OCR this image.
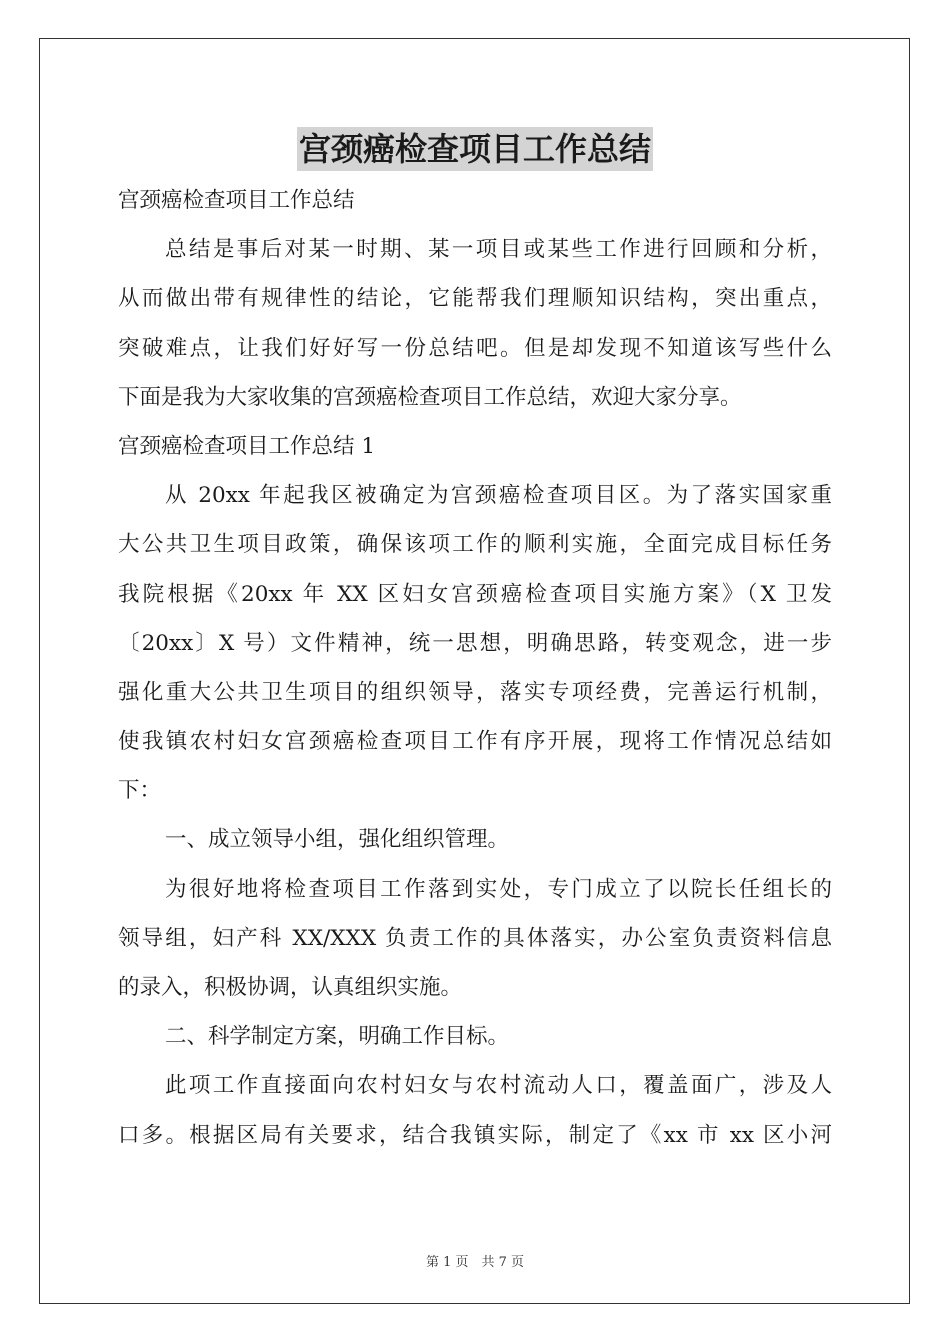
宫颈癌检查项目工作总结
宫颈癌检查项目工作总结
总结是事后对某一时期、某一项目或某些工作进行回顾和分析，
从而做出带有规律性的结论，它能帮我们理顺知识结构，突出重点，
突破难点，让我们好好写一份总结吧。但是却发现不知道该写些什么
下面是我为大家收集的宫颈癌检查项目工作总结，欢迎大家分享。
宫颈癌检查项目工作总结 1
从 20xx 年起我区被确定为宫颈癌检查项目区。为了落实国家重
大公共卫生项目政策，确保该项工作的顺利实施，全面完成目标任务
我院根据《20xx 年 XX 区妇女宫颈癌检查项目实施方案》（X 卫发
〔20xx〕X 号）文件精神，统一思想，明确思路，转变观念，进一步
强化重大公共卫生项目的组织领导，落实专项经费，完善运行机制，
使我镇农村妇女宫颈癌检查项目工作有序开展，现将工作情况总结如
下：
一、成立领导小组，强化组织管理。
为很好地将检查项目工作落到实处，专门成立了以院长任组长的
领导组，妇产科 XX/XXX 负责工作的具体落实，办公室负责资料信息
的录入，积极协调，认真组织实施。
二、科学制定方案，明确工作目标。
此项工作直接面向农村妇女与农村流动人口，覆盖面广，涉及人
口多。根据区局有关要求，结合我镇实际，制定了《xx 市 xx 区小河
第 1 页　共 7 页
